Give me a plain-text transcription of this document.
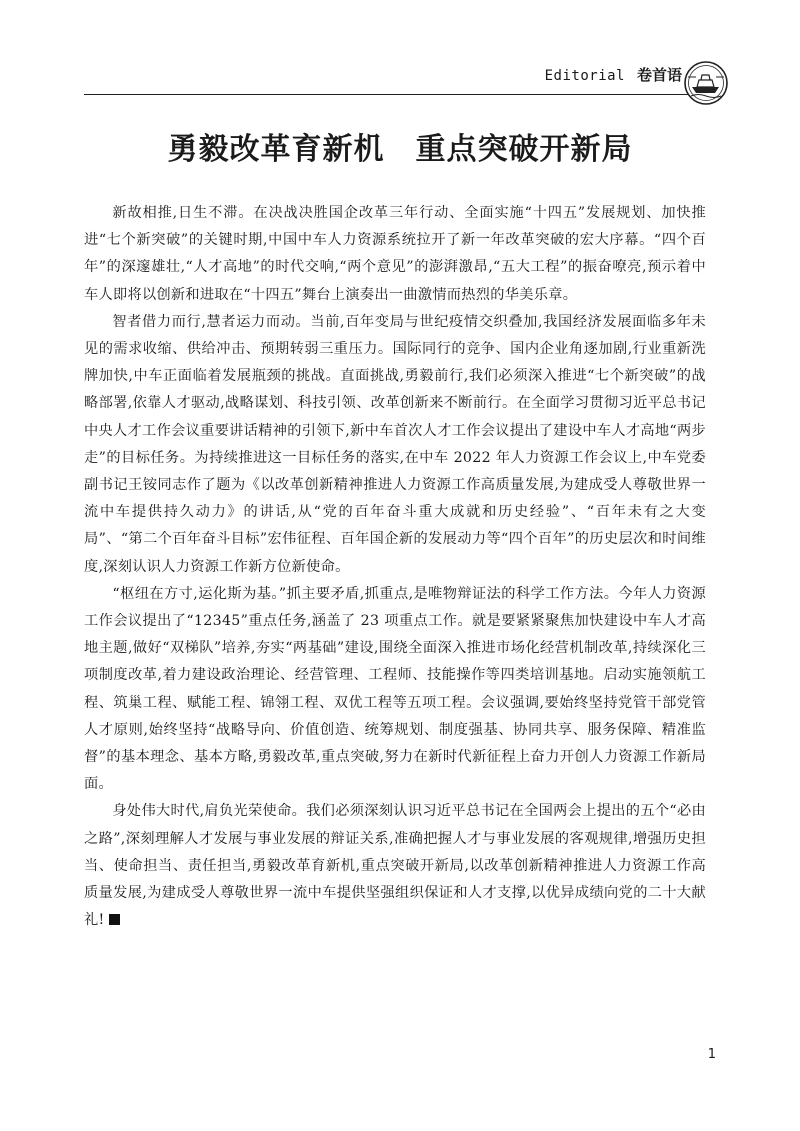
Editorial 卷首语
勇毅改革育新机　重点突破开新局

新故相推,日生不滞。在决战决胜国企改革三年行动、全面实施“十四五”发展规划、加快推进“七个新突破”的关键时期,中国中车人力资源系统拉开了新一年改革突破的宏大序幕。“四个百年”的深邃雄壮,“人才高地”的时代交响,“两个意见”的澎湃激昂,“五大工程”的振奋嘹亮,预示着中车人即将以创新和进取在“十四五”舞台上演奏出一曲激情而热烈的华美乐章。

智者借力而行,慧者运力而动。当前,百年变局与世纪疫情交织叠加,我国经济发展面临多年未见的需求收缩、供给冲击、预期转弱三重压力。国际同行的竞争、国内企业角逐加剧,行业重新洗牌加快,中车正面临着发展瓶颈的挑战。直面挑战,勇毅前行,我们必须深入推进“七个新突破”的战略部署,依靠人才驱动,战略谋划、科技引领、改革创新来不断前行。在全面学习贯彻习近平总书记中央人才工作会议重要讲话精神的引领下,新中车首次人才工作会议提出了建设中车人才高地“两步走”的目标任务。为持续推进这一目标任务的落实,在中车 2022 年人力资源工作会议上,中车党委副书记王铵同志作了题为《以改革创新精神推进人力资源工作高质量发展,为建成受人尊敬世界一流中车提供持久动力》的讲话,从“党的百年奋斗重大成就和历史经验”、“百年未有之大变局”、“第二个百年奋斗目标”宏伟征程、百年国企新的发展动力等“四个百年”的历史层次和时间维度,深刻认识人力资源工作新方位新使命。

“枢纽在方寸,运化斯为基。”抓主要矛盾,抓重点,是唯物辩证法的科学工作方法。今年人力资源工作会议提出了“12345”重点任务,涵盖了 23 项重点工作。就是要紧紧聚焦加快建设中车人才高地主题,做好“双梯队”培养,夯实“两基础”建设,围绕全面深入推进市场化经营机制改革,持续深化三项制度改革,着力建设政治理论、经营管理、工程师、技能操作等四类培训基地。启动实施领航工程、筑巢工程、赋能工程、锦翎工程、双优工程等五项工程。会议强调,要始终坚持党管干部党管人才原则,始终坚持“战略导向、价值创造、统筹规划、制度强基、协同共享、服务保障、精准监督”的基本理念、基本方略,勇毅改革,重点突破,努力在新时代新征程上奋力开创人力资源工作新局面。

身处伟大时代,肩负光荣使命。我们必须深刻认识习近平总书记在全国两会上提出的五个“必由之路”,深刻理解人才发展与事业发展的辩证关系,准确把握人才与事业发展的客观规律,增强历史担当、使命担当、责任担当,勇毅改革育新机,重点突破开新局,以改革创新精神推进人力资源工作高质量发展,为建成受人尊敬世界一流中车提供坚强组织保证和人才支撑,以优异成绩向党的二十大献礼!

1
